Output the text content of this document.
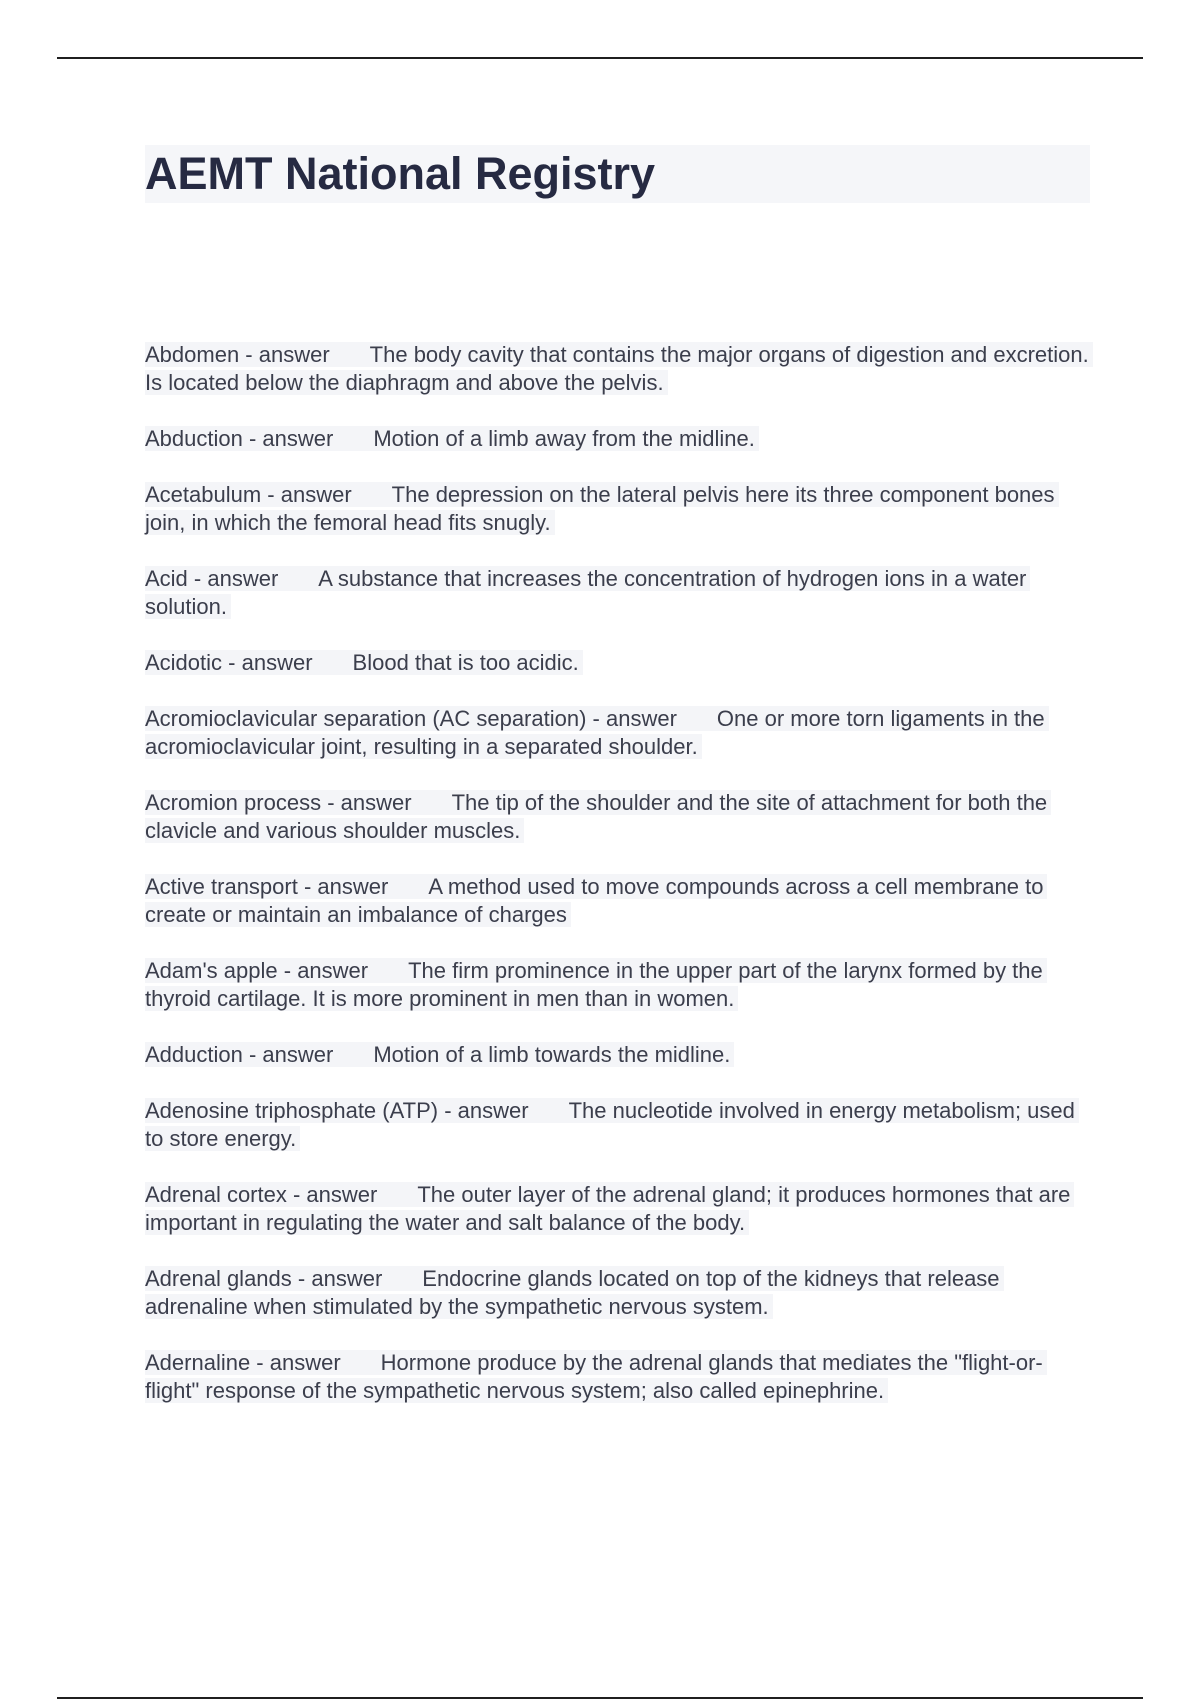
AEMT National Registry

Abdomen - answer The body cavity that contains the major organs of digestion and excretion. Is located below the diaphragm and above the pelvis.

Abduction - answer Motion of a limb away from the midline.

Acetabulum - answer The depression on the lateral pelvis here its three component bones join, in which the femoral head fits snugly.

Acid - answer A substance that increases the concentration of hydrogen ions in a water solution.

Acidotic - answer Blood that is too acidic.

Acromioclavicular separation (AC separation) - answer One or more torn ligaments in the acromioclavicular joint, resulting in a separated shoulder.

Acromion process - answer The tip of the shoulder and the site of attachment for both the clavicle and various shoulder muscles.

Active transport - answer A method used to move compounds across a cell membrane to create or maintain an imbalance of charges

Adam's apple - answer The firm prominence in the upper part of the larynx formed by the thyroid cartilage. It is more prominent in men than in women.

Adduction - answer Motion of a limb towards the midline.

Adenosine triphosphate (ATP) - answer The nucleotide involved in energy metabolism; used to store energy.

Adrenal cortex - answer The outer layer of the adrenal gland; it produces hormones that are important in regulating the water and salt balance of the body.

Adrenal glands - answer Endocrine glands located on top of the kidneys that release adrenaline when stimulated by the sympathetic nervous system.

Adernaline - answer Hormone produce by the adrenal glands that mediates the "flight-or-flight" response of the sympathetic nervous system; also called epinephrine.
